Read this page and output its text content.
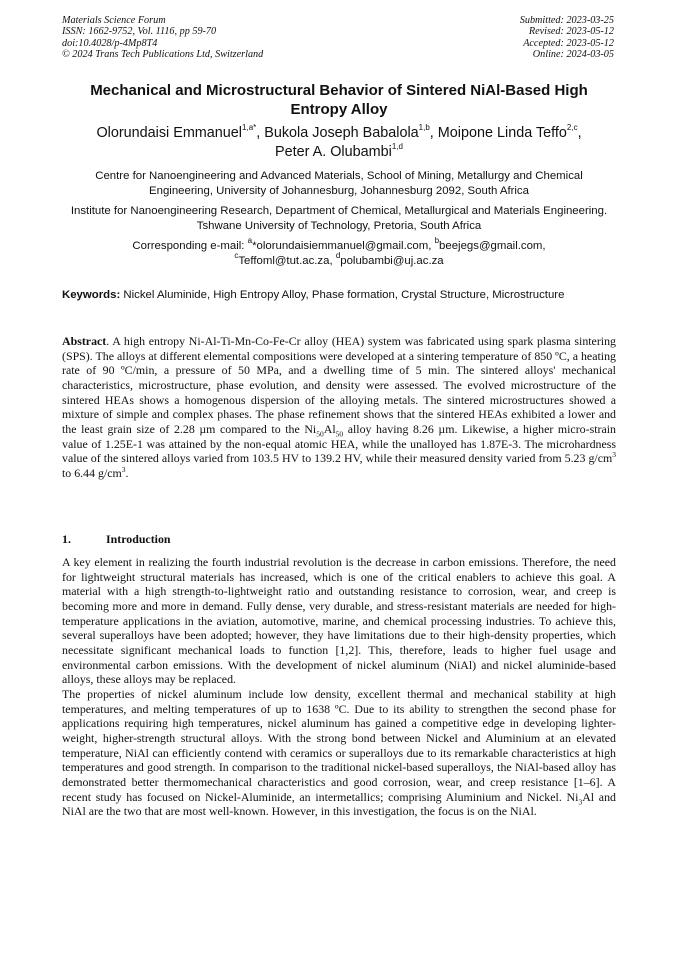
Materials Science Forum
ISSN: 1662-9752, Vol. 1116, pp 59-70
doi:10.4028/p-4Mp8T4
© 2024 Trans Tech Publications Ltd, Switzerland
Submitted: 2023-03-25
Revised: 2023-05-12
Accepted: 2023-05-12
Online: 2024-03-05
Mechanical and Microstructural Behavior of Sintered NiAl-Based High Entropy Alloy
Olorundaisi Emmanuel$^{1,a*}$, Bukola Joseph Babalola$^{1,b}$, Moipone Linda Teffo$^{2,c}$,
Peter A. Olubambi$^{1,d}$
Centre for Nanoengineering and Advanced Materials, School of Mining, Metallurgy and Chemical Engineering, University of Johannesburg, Johannesburg 2092, South Africa
Institute for Nanoengineering Research, Department of Chemical, Metallurgical and Materials Engineering. Tshwane University of Technology, Pretoria, South Africa
Corresponding e-mail: $^a$*olorundaisiemmanuel@gmail.com, $^b$beejegs@gmail.com,
$^c$Teffoml@tut.ac.za, $^d$polubambi@uj.ac.za
Keywords: Nickel Aluminide, High Entropy Alloy, Phase formation, Crystal Structure, Microstructure
Abstract. A high entropy Ni-Al-Ti-Mn-Co-Fe-Cr alloy (HEA) system was fabricated using spark plasma sintering (SPS). The alloys at different elemental compositions were developed at a sintering temperature of 850 ºC, a heating rate of 90 ºC/min, a pressure of 50 MPa, and a dwelling time of 5 min. The sintered alloys' mechanical characteristics, microstructure, phase evolution, and density were assessed. The evolved microstructure of the sintered HEAs shows a homogenous dispersion of the alloying metals. The sintered microstructures showed a mixture of simple and complex phases. The phase refinement shows that the sintered HEAs exhibited a lower and the least grain size of 2.28 µm compared to the $Ni_{50}Al_{50}$ alloy having 8.26 µm. Likewise, a higher micro-strain value of 1.25E-1 was attained by the non-equal atomic HEA, while the unalloyed has 1.87E-3. The microhardness value of the sintered alloys varied from 103.5 HV to 139.2 HV, while their measured density varied from 5.23 $g/cm^3$ to 6.44 $g/cm^3$.
1.	Introduction

A key element in realizing the fourth industrial revolution is the decrease in carbon emissions. Therefore, the need for lightweight structural materials has increased, which is one of the critical enablers to achieve this goal. A material with a high strength-to-lightweight ratio and outstanding resistance to corrosion, wear, and creep is becoming more and more in demand. Fully dense, very durable, and stress-resistant materials are needed for high-temperature applications in the aviation, automotive, marine, and chemical processing industries. To achieve this, several superalloys have been adopted; however, they have limitations due to their high-density properties, which necessitate significant mechanical loads to function [1,2]. This, therefore, leads to higher fuel usage and environmental carbon emissions. With the development of nickel aluminum (NiAl) and nickel aluminide-based alloys, these alloys may be replaced.

The properties of nickel aluminum include low density, excellent thermal and mechanical stability at high temperatures, and melting temperatures of up to 1638 ºC. Due to its ability to strengthen the second phase for applications requiring high temperatures, nickel aluminum has gained a competitive edge in developing lighter-weight, higher-strength structural alloys. With the strong bond between Nickel and Aluminium at an elevated temperature, NiAl can efficiently contend with ceramics or superalloys due to its remarkable characteristics at high temperatures and good strength. In comparison to the traditional nickel-based superalloys, the NiAl-based alloy has demonstrated better thermomechanical characteristics and good corrosion, wear, and creep resistance [1–6]. A recent study has focused on Nickel-Aluminide, an intermetallics; comprising Aluminium and Nickel. $Ni_3Al$ and NiAl are the two that are most well-known. However, in this investigation, the focus is on the NiAl.
